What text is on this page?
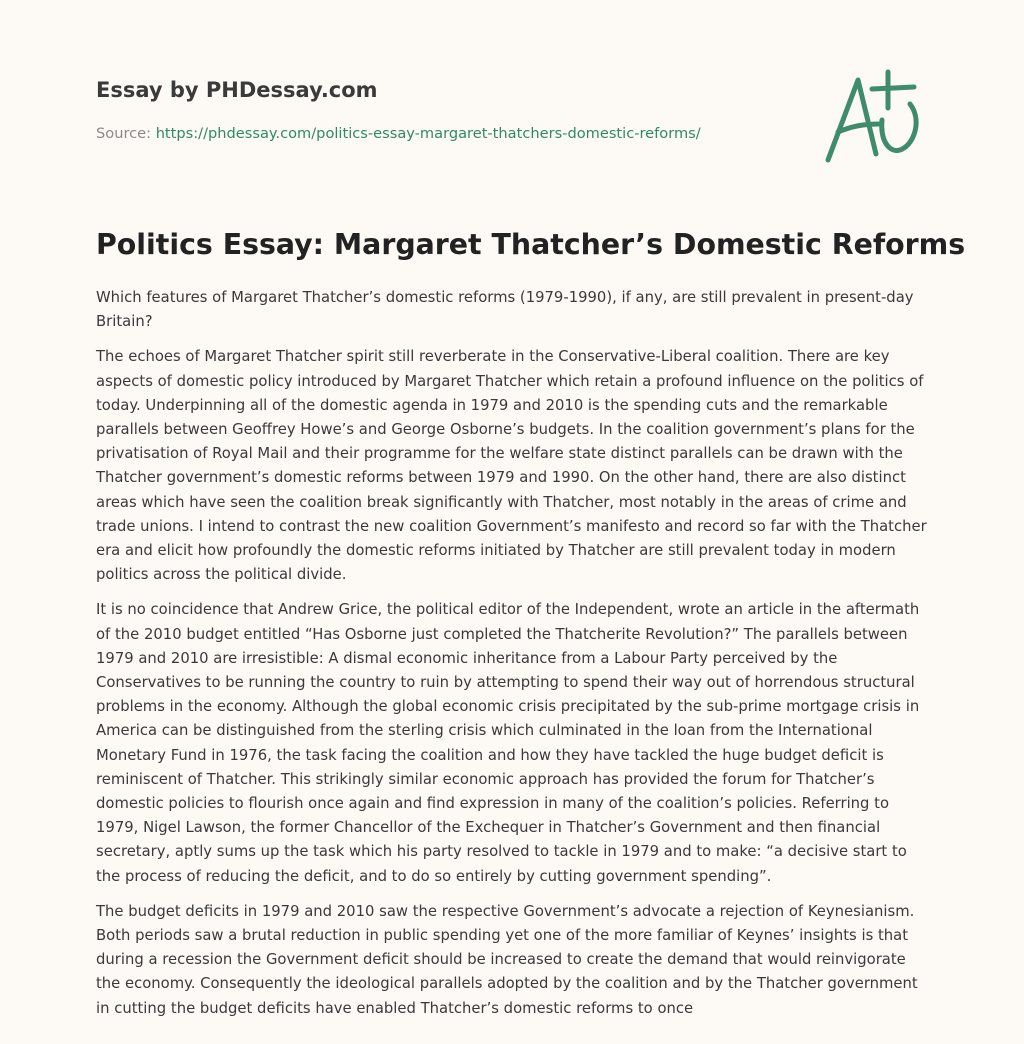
Essay by PHDessay.com
Source: https://phdessay.com/politics-essay-margaret-thatchers-domestic-reforms/
Politics Essay: Margaret Thatcher’s Domestic Reforms

Which features of Margaret Thatcher’s domestic reforms (1979-1990), if any, are still prevalent in present-day Britain?

The echoes of Margaret Thatcher spirit still reverberate in the Conservative-Liberal coalition. There are key aspects of domestic policy introduced by Margaret Thatcher which retain a profound influence on the politics of today. Underpinning all of the domestic agenda in 1979 and 2010 is the spending cuts and the remarkable parallels between Geoffrey Howe’s and George Osborne’s budgets. In the coalition government’s plans for the privatisation of Royal Mail and their programme for the welfare state distinct parallels can be drawn with the Thatcher government’s domestic reforms between 1979 and 1990. On the other hand, there are also distinct areas which have seen the coalition break significantly with Thatcher, most notably in the areas of crime and trade unions. I intend to contrast the new coalition Government’s manifesto and record so far with the Thatcher era and elicit how profoundly the domestic reforms initiated by Thatcher are still prevalent today in modern politics across the political divide.

It is no coincidence that Andrew Grice, the political editor of the Independent, wrote an article in the aftermath of the 2010 budget entitled “Has Osborne just completed the Thatcherite Revolution?” The parallels between 1979 and 2010 are irresistible: A dismal economic inheritance from a Labour Party perceived by the Conservatives to be running the country to ruin by attempting to spend their way out of horrendous structural problems in the economy. Although the global economic crisis precipitated by the sub-prime mortgage crisis in America can be distinguished from the sterling crisis which culminated in the loan from the International Monetary Fund in 1976, the task facing the coalition and how they have tackled the huge budget deficit is reminiscent of Thatcher. This strikingly similar economic approach has provided the forum for Thatcher’s domestic policies to flourish once again and find expression in many of the coalition’s policies. Referring to 1979, Nigel Lawson, the former Chancellor of the Exchequer in Thatcher’s Government and then financial secretary, aptly sums up the task which his party resolved to tackle in 1979 and to make: “a decisive start to the process of reducing the deficit, and to do so entirely by cutting government spending”.

The budget deficits in 1979 and 2010 saw the respective Government’s advocate a rejection of Keynesianism. Both periods saw a brutal reduction in public spending yet one of the more familiar of Keynes’ insights is that during a recession the Government deficit should be increased to create the demand that would reinvigorate the economy. Consequently the ideological parallels adopted by the coalition and by the Thatcher government in cutting the budget deficits have enabled Thatcher’s domestic reforms to once
